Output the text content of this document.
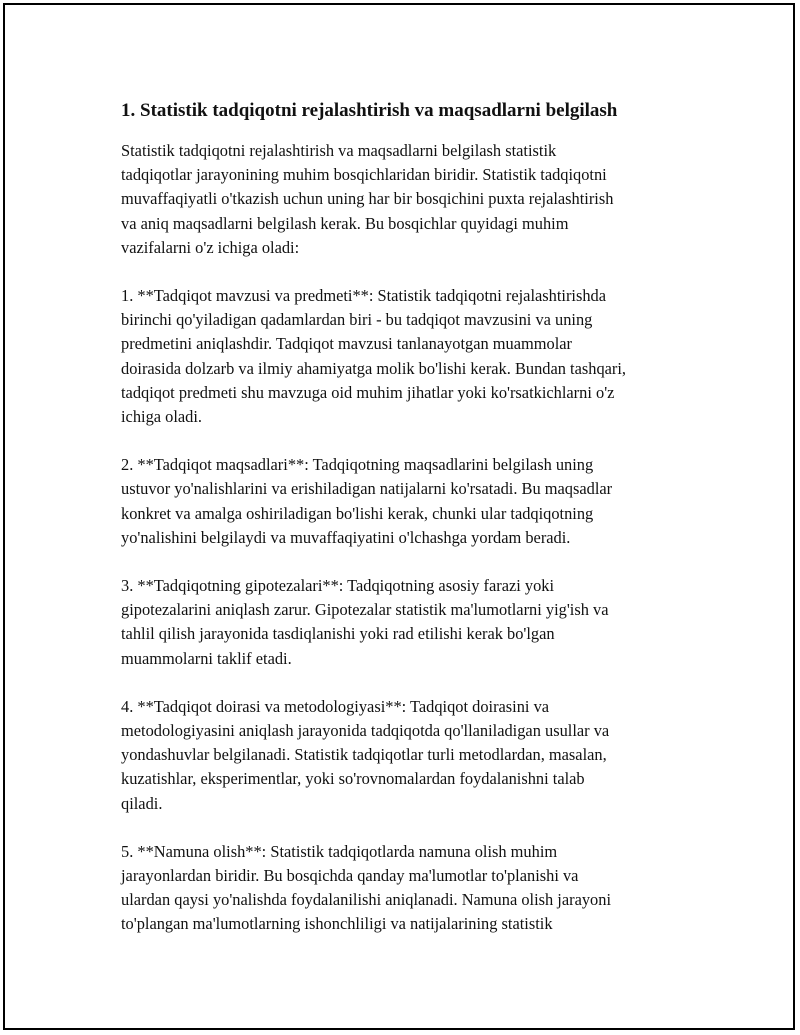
1. Statistik tadqiqotni rejalashtirish va maqsadlarni belgilash

Statistik tadqiqotni rejalashtirish va maqsadlarni belgilash statistik
tadqiqotlar jarayonining muhim bosqichlaridan biridir. Statistik tadqiqotni
muvaffaqiyatli o'tkazish uchun uning har bir bosqichini puxta rejalashtirish
va aniq maqsadlarni belgilash kerak. Bu bosqichlar quyidagi muhim
vazifalarni o'z ichiga oladi:

1. **Tadqiqot mavzusi va predmeti**: Statistik tadqiqotni rejalashtirishda
birinchi qo'yiladigan qadamlardan biri - bu tadqiqot mavzusini va uning
predmetini aniqlashdir. Tadqiqot mavzusi tanlanayotgan muammolar
doirasida dolzarb va ilmiy ahamiyatga molik bo'lishi kerak. Bundan tashqari,
tadqiqot predmeti shu mavzuga oid muhim jihatlar yoki ko'rsatkichlarni o'z
ichiga oladi.

2. **Tadqiqot maqsadlari**: Tadqiqotning maqsadlarini belgilash uning
ustuvor yo'nalishlarini va erishiladigan natijalarni ko'rsatadi. Bu maqsadlar
konkret va amalga oshiriladigan bo'lishi kerak, chunki ular tadqiqotning
yo'nalishini belgilaydi va muvaffaqiyatini o'lchashga yordam beradi.

3. **Tadqiqotning gipotezalari**: Tadqiqotning asosiy farazi yoki
gipotezalarini aniqlash zarur. Gipotezalar statistik ma'lumotlarni yig'ish va
tahlil qilish jarayonida tasdiqlanishi yoki rad etilishi kerak bo'lgan
muammolarni taklif etadi.

4. **Tadqiqot doirasi va metodologiyasi**: Tadqiqot doirasini va
metodologiyasini aniqlash jarayonida tadqiqotda qo'llaniladigan usullar va
yondashuvlar belgilanadi. Statistik tadqiqotlar turli metodlardan, masalan,
kuzatishlar, eksperimentlar, yoki so'rovnomalardan foydalanishni talab
qiladi.

5. **Namuna olish**: Statistik tadqiqotlarda namuna olish muhim
jarayonlardan biridir. Bu bosqichda qanday ma'lumotlar to'planishi va
ulardan qaysi yo'nalishda foydalanilishi aniqlanadi. Namuna olish jarayoni
to'plangan ma'lumotlarning ishonchliligi va natijalarining statistik
